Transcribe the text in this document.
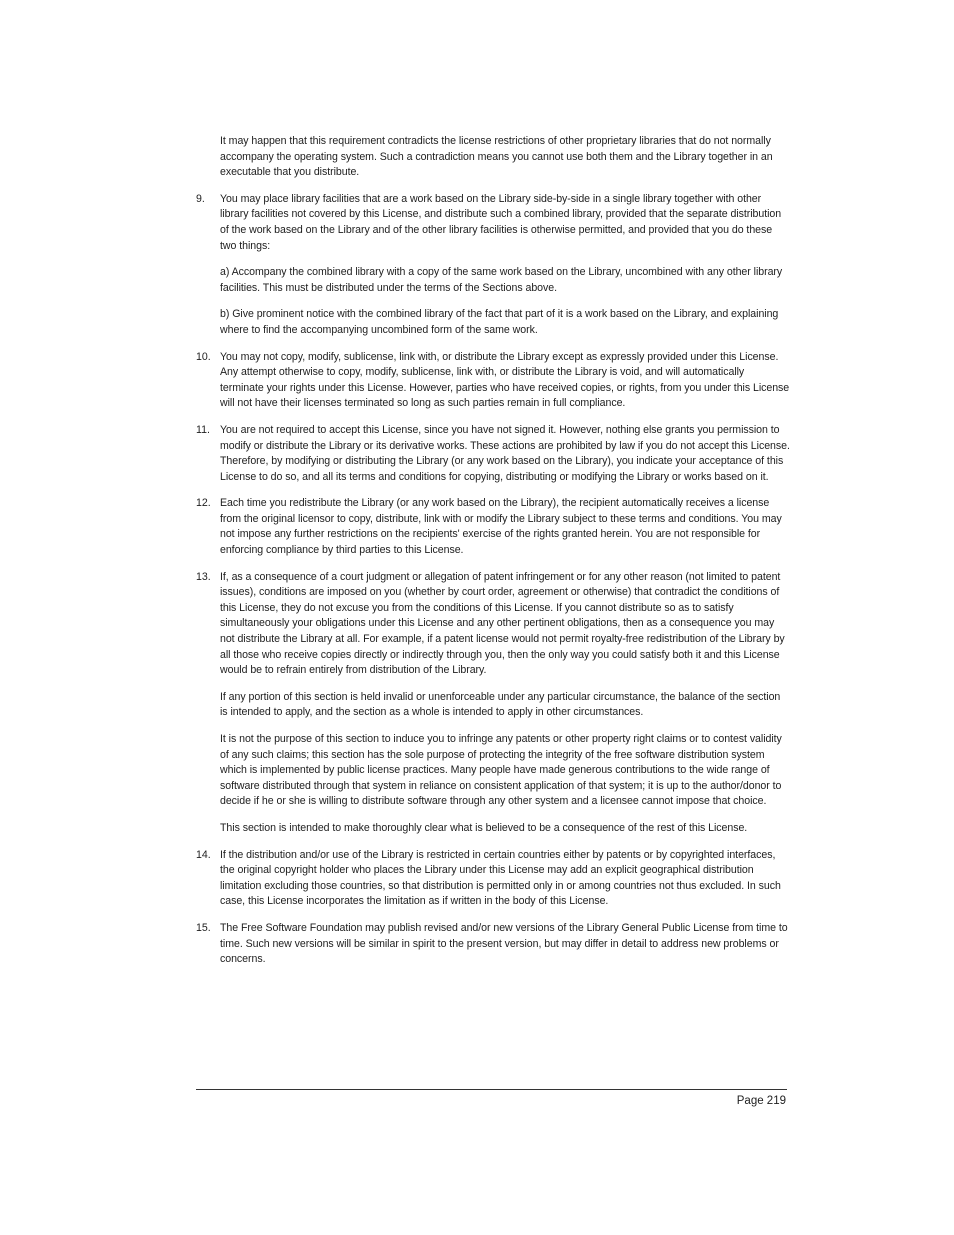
It may happen that this requirement contradicts the license restrictions of other proprietary libraries that do not normally accompany the operating system. Such a contradiction means you cannot use both them and the Library together in an executable that you distribute.

9. You may place library facilities that are a work based on the Library side-by-side in a single library together with other library facilities not covered by this License, and distribute such a combined library, provided that the separate distribution of the work based on the Library and of the other library facilities is otherwise permitted, and provided that you do these two things:

a) Accompany the combined library with a copy of the same work based on the Library, uncombined with any other library facilities. This must be distributed under the terms of the Sections above.

b) Give prominent notice with the combined library of the fact that part of it is a work based on the Library, and explaining where to find the accompanying uncombined form of the same work.

10. You may not copy, modify, sublicense, link with, or distribute the Library except as expressly provided under this License. Any attempt otherwise to copy, modify, sublicense, link with, or distribute the Library is void, and will automatically terminate your rights under this License. However, parties who have received copies, or rights, from you under this License will not have their licenses terminated so long as such parties remain in full compliance.

11. You are not required to accept this License, since you have not signed it. However, nothing else grants you permission to modify or distribute the Library or its derivative works. These actions are prohibited by law if you do not accept this License. Therefore, by modifying or distributing the Library (or any work based on the Library), you indicate your acceptance of this License to do so, and all its terms and conditions for copying, distributing or modifying the Library or works based on it.

12. Each time you redistribute the Library (or any work based on the Library), the recipient automatically receives a license from the original licensor to copy, distribute, link with or modify the Library subject to these terms and conditions. You may not impose any further restrictions on the recipients' exercise of the rights granted herein. You are not responsible for enforcing compliance by third parties to this License.

13. If, as a consequence of a court judgment or allegation of patent infringement or for any other reason (not limited to patent issues), conditions are imposed on you (whether by court order, agreement or otherwise) that contradict the conditions of this License, they do not excuse you from the conditions of this License. If you cannot distribute so as to satisfy simultaneously your obligations under this License and any other pertinent obligations, then as a consequence you may not distribute the Library at all. For example, if a patent license would not permit royalty-free redistribution of the Library by all those who receive copies directly or indirectly through you, then the only way you could satisfy both it and this License would be to refrain entirely from distribution of the Library.

If any portion of this section is held invalid or unenforceable under any particular circumstance, the balance of the section is intended to apply, and the section as a whole is intended to apply in other circumstances.

It is not the purpose of this section to induce you to infringe any patents or other property right claims or to contest validity of any such claims; this section has the sole purpose of protecting the integrity of the free software distribution system which is implemented by public license practices. Many people have made generous contributions to the wide range of software distributed through that system in reliance on consistent application of that system; it is up to the author/donor to decide if he or she is willing to distribute software through any other system and a licensee cannot impose that choice.

This section is intended to make thoroughly clear what is believed to be a consequence of the rest of this License.

14. If the distribution and/or use of the Library is restricted in certain countries either by patents or by copyrighted interfaces, the original copyright holder who places the Library under this License may add an explicit geographical distribution limitation excluding those countries, so that distribution is permitted only in or among countries not thus excluded. In such case, this License incorporates the limitation as if written in the body of this License.

15. The Free Software Foundation may publish revised and/or new versions of the Library General Public License from time to time. Such new versions will be similar in spirit to the present version, but may differ in detail to address new problems or concerns.

Page 219
